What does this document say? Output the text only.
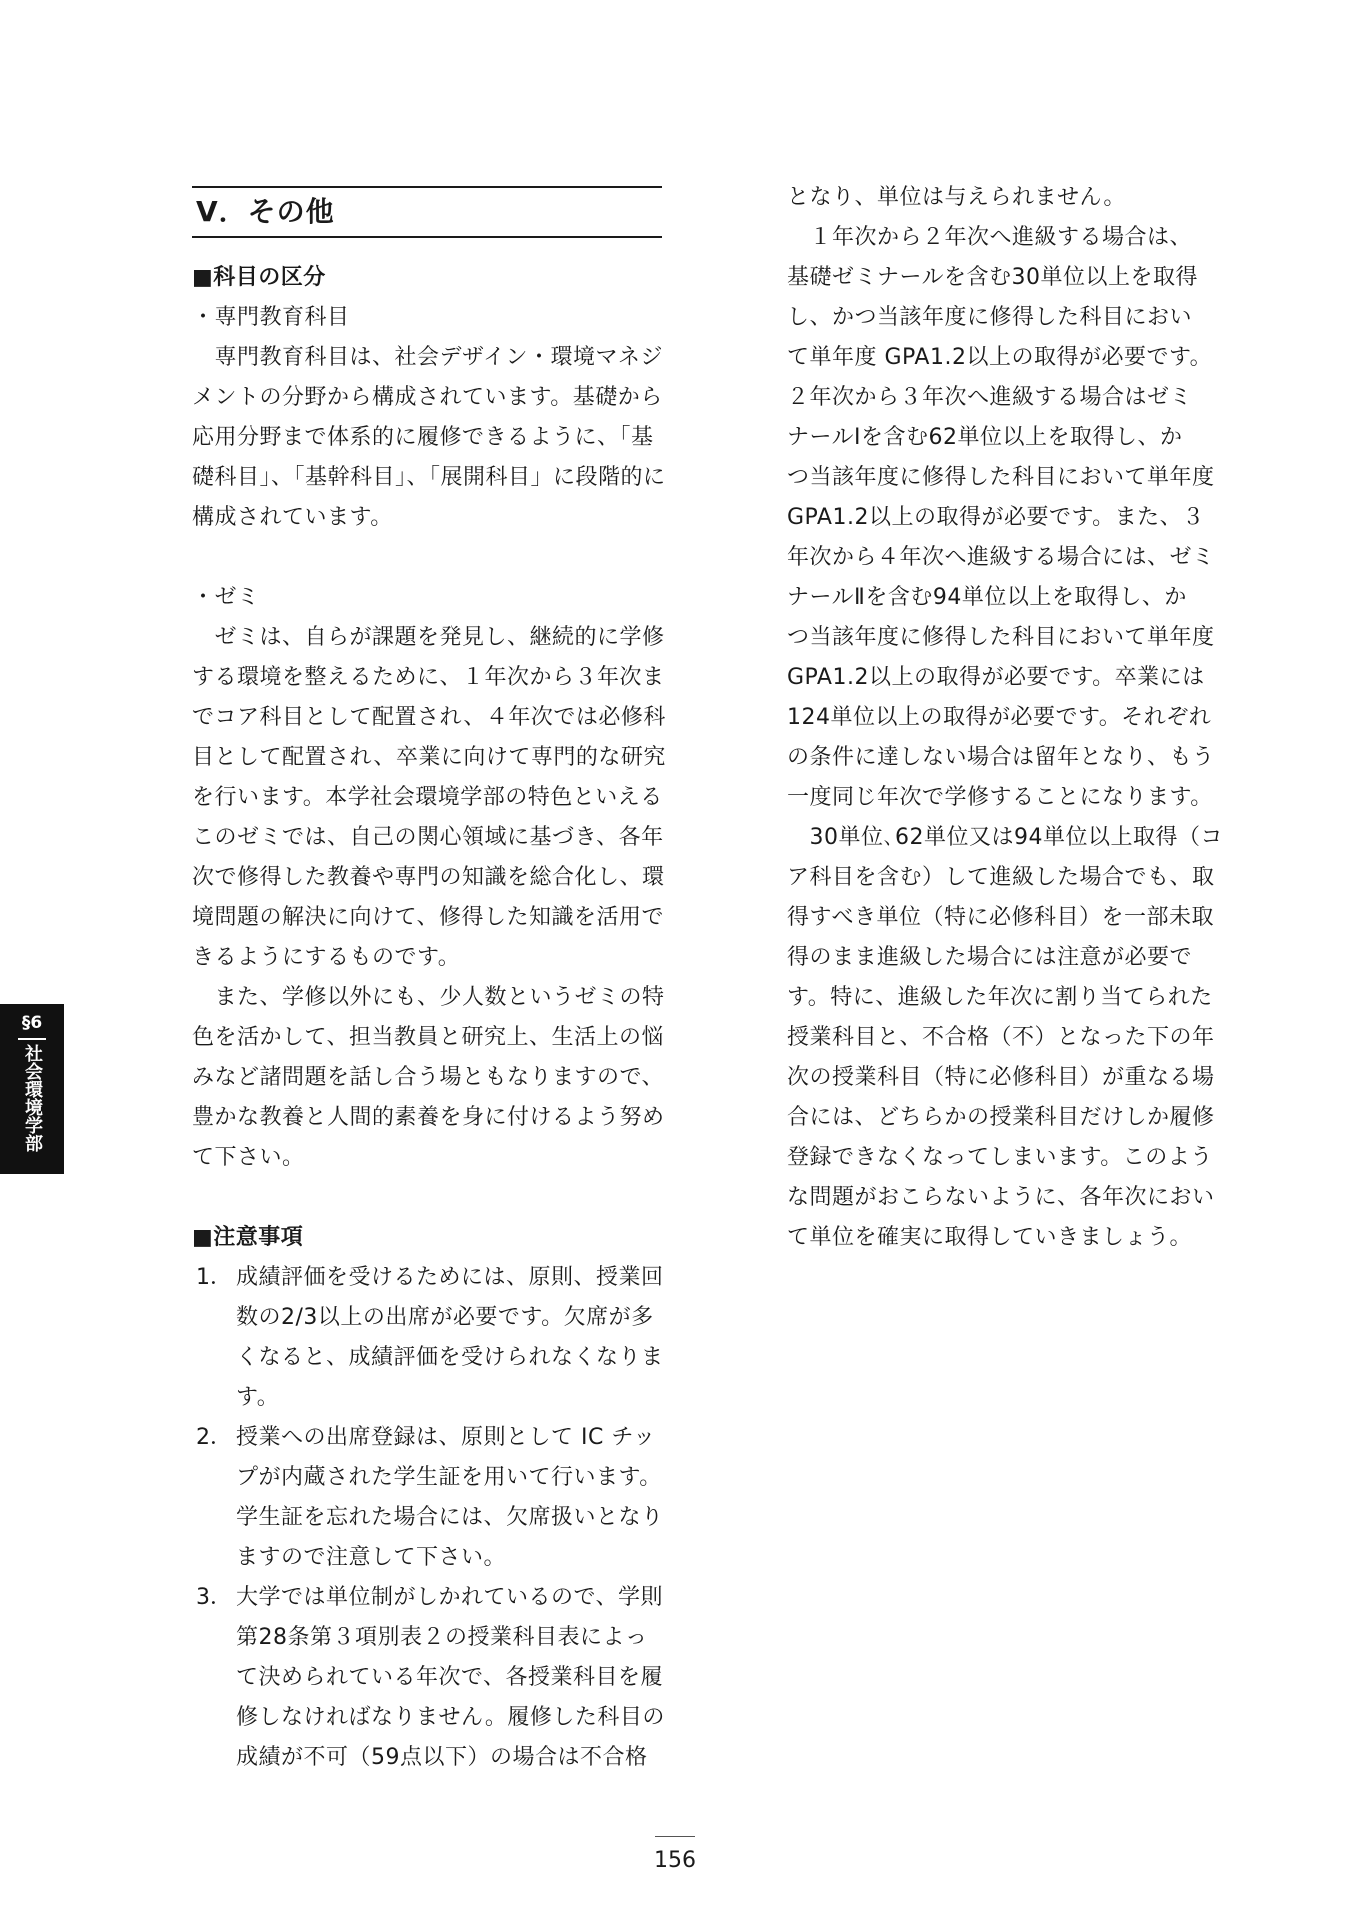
Ⅴ．その他
■科目の区分
・専門教育科目
　専門教育科目は、社会デザイン・環境マネジ
メントの分野から構成されています。基礎から
応用分野まで体系的に履修できるように、「基
礎科目」、「基幹科目」、「展開科目」に段階的に
構成されています。
・ゼミ
　ゼミは、自らが課題を発見し、継続的に学修
する環境を整えるために、１年次から３年次ま
でコア科目として配置され、４年次では必修科
目として配置され、卒業に向けて専門的な研究
を行います。本学社会環境学部の特色といえる
このゼミでは、自己の関心領域に基づき、各年
次で修得した教養や専門の知識を総合化し、環
境問題の解決に向けて、修得した知識を活用で
きるようにするものです。
　また、学修以外にも、少人数というゼミの特
色を活かして、担当教員と研究上、生活上の悩
みなど諸問題を話し合う場ともなりますので、
豊かな教養と人間的素養を身に付けるよう努め
て下さい。
■注意事項
1． 成績評価を受けるためには、原則、授業回
数の2/3以上の出席が必要です。欠席が多
くなると、成績評価を受けられなくなりま
す。
2． 授業への出席登録は、原則として IC チッ
プが内蔵された学生証を用いて行います。
学生証を忘れた場合には、欠席扱いとなり
ますので注意して下さい。
3． 大学では単位制がしかれているので、学則
第28条第３項別表２の授業科目表によっ
て決められている年次で、各授業科目を履
修しなければなりません。履修した科目の
成績が不可（59点以下）の場合は不合格
となり、単位は与えられません。
　１年次から２年次へ進級する場合は、
基礎ゼミナールを含む30単位以上を取得
し、かつ当該年度に修得した科目におい
て単年度 GPA1.2以上の取得が必要です。
２年次から３年次へ進級する場合はゼミ
ナールⅠを含む62単位以上を取得し、か
つ当該年度に修得した科目において単年度
GPA1.2以上の取得が必要です。また、３
年次から４年次へ進級する場合には、ゼミ
ナールⅡを含む94単位以上を取得し、か
つ当該年度に修得した科目において単年度
GPA1.2以上の取得が必要です。卒業には
124単位以上の取得が必要です。それぞれ
の条件に達しない場合は留年となり、もう
一度同じ年次で学修することになります。
　30単位､62単位又は94単位以上取得（コ
ア科目を含む）して進級した場合でも、取
得すべき単位（特に必修科目）を一部未取
得のまま進級した場合には注意が必要で
す。特に、進級した年次に割り当てられた
授業科目と、不合格（不）となった下の年
次の授業科目（特に必修科目）が重なる場
合には、どちらかの授業科目だけしか履修
登録できなくなってしまいます。このよう
な問題がおこらないように、各年次におい
て単位を確実に取得していきましょう。
§6
社会環境学部
156
